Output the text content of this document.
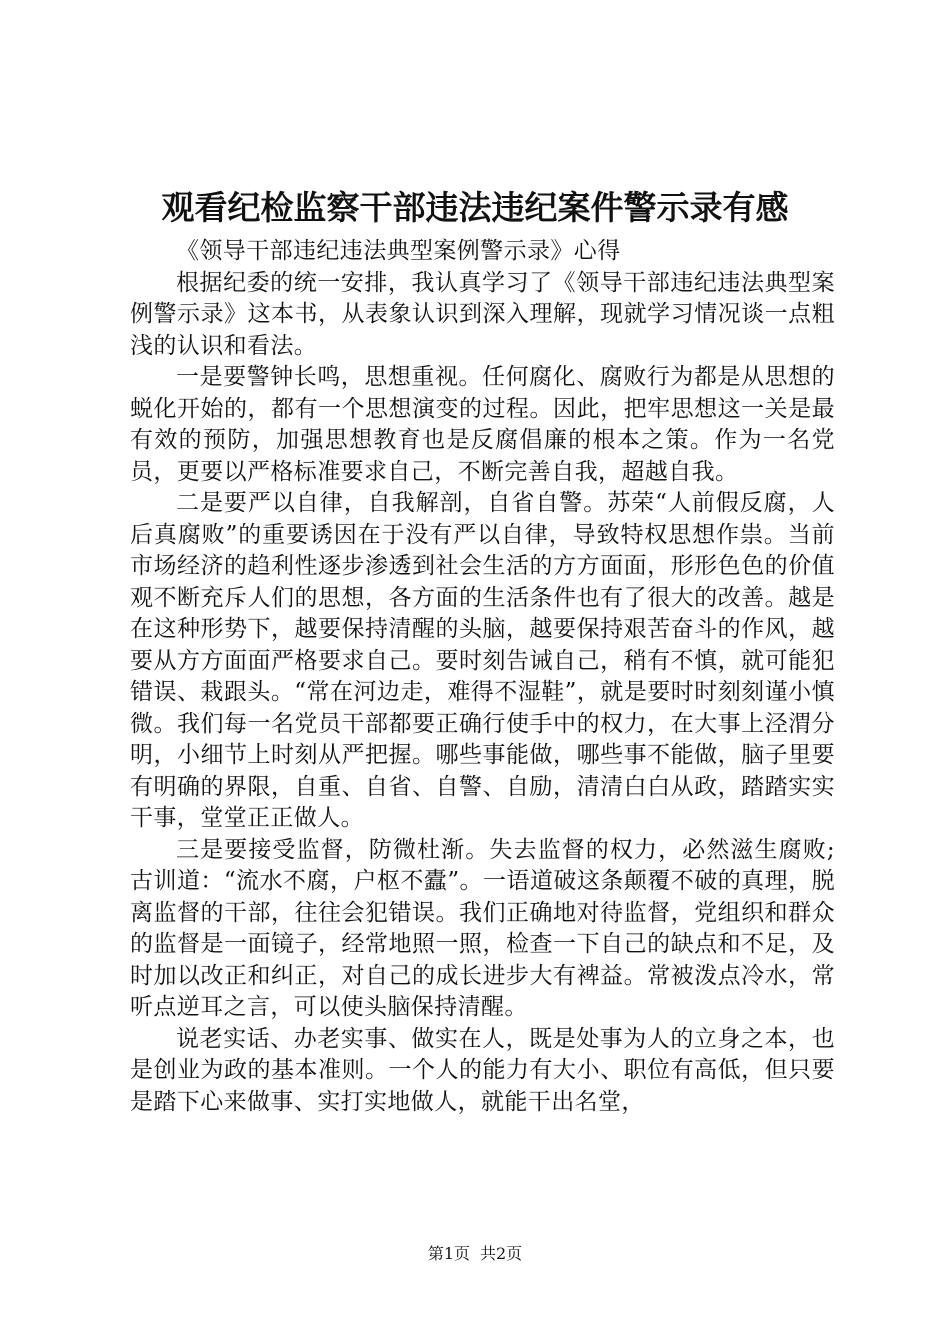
观看纪检监察干部违法违纪案件警示录有感

《领导干部违纪违法典型案例警示录》心得

根据纪委的统一安排，我认真学习了《领导干部违纪违法典型案例警示录》这本书，从表象认识到深入理解，现就学习情况谈一点粗浅的认识和看法。

一是要警钟长鸣，思想重视。任何腐化、腐败行为都是从思想的蜕化开始的，都有一个思想演变的过程。因此，把牢思想这一关是最有效的预防，加强思想教育也是反腐倡廉的根本之策。作为一名党员，更要以严格标准要求自己，不断完善自我，超越自我。

二是要严以自律，自我解剖，自省自警。苏荣“人前假反腐，人后真腐败”的重要诱因在于没有严以自律，导致特权思想作祟。当前市场经济的趋利性逐步渗透到社会生活的方方面面，形形色色的价值观不断充斥人们的思想，各方面的生活条件也有了很大的改善。越是在这种形势下，越要保持清醒的头脑，越要保持艰苦奋斗的作风，越要从方方面面严格要求自己。要时刻告诫自己，稍有不慎，就可能犯错误、栽跟头。“常在河边走，难得不湿鞋”，就是要时时刻刻谨小慎微。我们每一名党员干部都要正确行使手中的权力，在大事上泾渭分明，小细节上时刻从严把握。哪些事能做，哪些事不能做，脑子里要有明确的界限，自重、自省、自警、自励，清清白白从政，踏踏实实干事，堂堂正正做人。

三是要接受监督，防微杜渐。失去监督的权力，必然滋生腐败;古训道：“流水不腐，户枢不蠹”。一语道破这条颠覆不破的真理，脱离监督的干部，往往会犯错误。我们正确地对待监督，党组织和群众的监督是一面镜子，经常地照一照，检查一下自己的缺点和不足，及时加以改正和纠正，对自己的成长进步大有裨益。常被泼点冷水，常听点逆耳之言，可以使头脑保持清醒。

说老实话、办老实事、做实在人，既是处事为人的立身之本，也是创业为政的基本准则。一个人的能力有大小、职位有高低，但只要是踏下心来做事、实打实地做人，就能干出名堂，

第1页 共2页
